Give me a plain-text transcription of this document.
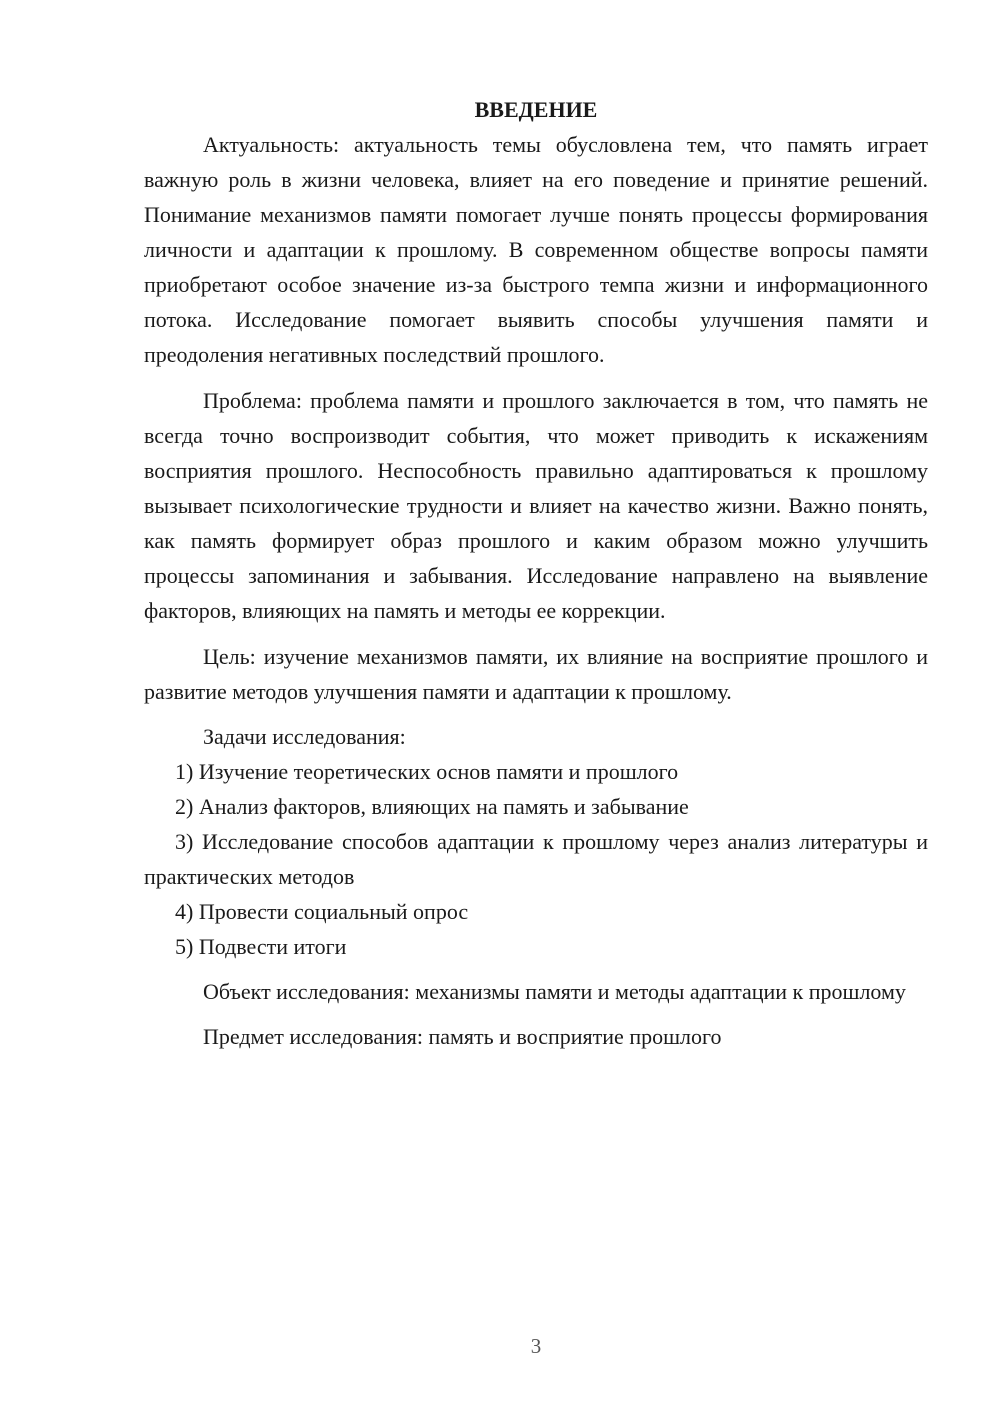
ВВЕДЕНИЕ

Актуальность: актуальность темы обусловлена тем, что память играет важную роль в жизни человека, влияет на его поведение и принятие решений. Понимание механизмов памяти помогает лучше понять процессы формирования личности и адаптации к прошлому. В современном обществе вопросы памяти приобретают особое значение из-за быстрого темпа жизни и информационного потока. Исследование помогает выявить способы улучшения памяти и преодоления негативных последствий прошлого.

Проблема: проблема памяти и прошлого заключается в том, что память не всегда точно воспроизводит события, что может приводить к искажениям восприятия прошлого. Неспособность правильно адаптироваться к прошлому вызывает психологические трудности и влияет на качество жизни. Важно понять, как память формирует образ прошлого и каким образом можно улучшить процессы запоминания и забывания. Исследование направлено на выявление факторов, влияющих на память и методы ее коррекции.

Цель: изучение механизмов памяти, их влияние на восприятие прошлого и развитие методов улучшения памяти и адаптации к прошлому.

Задачи исследования:

1) Изучение теоретических основ памяти и прошлого

2) Анализ факторов, влияющих на память и забывание

3) Исследование способов адаптации к прошлому через анализ литературы и практических методов

4) Провести социальный опрос

5) Подвести итоги

Объект исследования: механизмы памяти и методы адаптации к прошлому

Предмет исследования: память и восприятие прошлого

3
